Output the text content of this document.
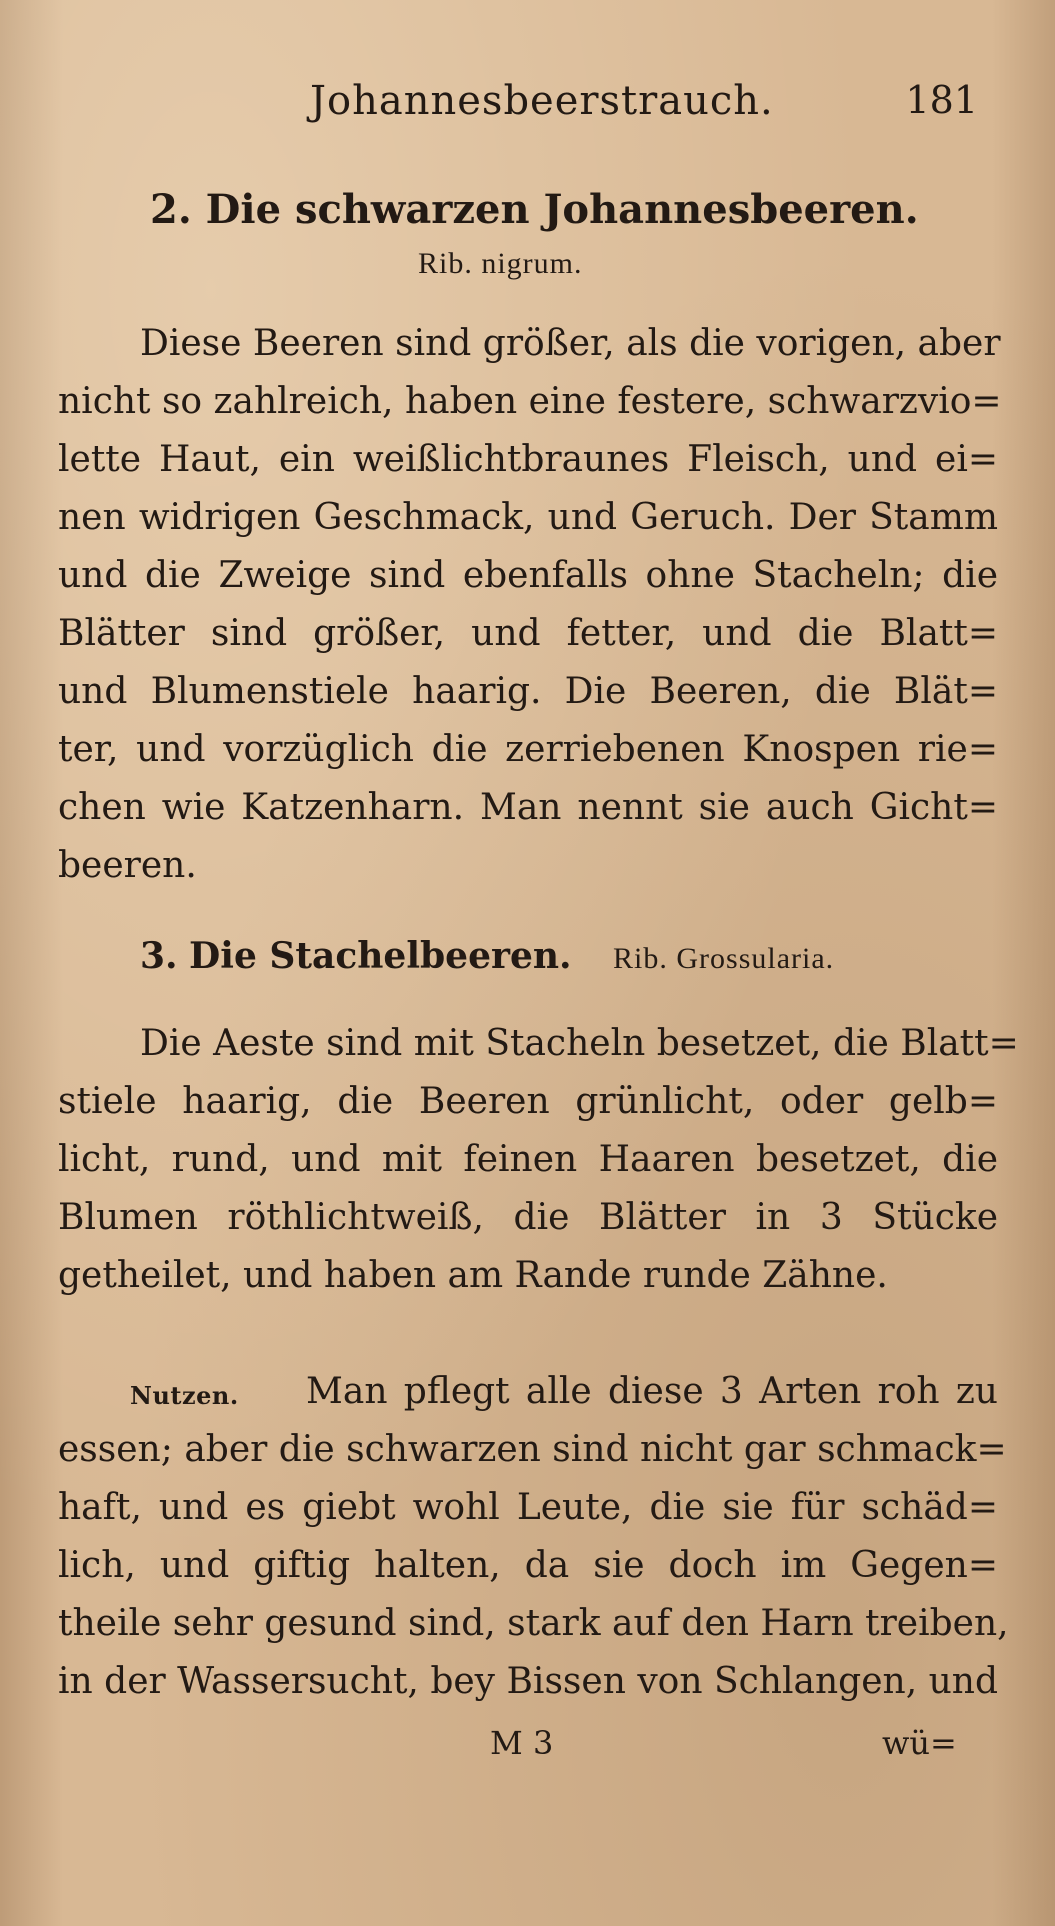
Johannesbeerstrauch.	181
2. Die schwarzen Johannesbeeren.
Rib. nigrum.
Diese Beeren sind größer, als die vorigen, aber
nicht so zahlreich, haben eine festere, schwarzvio=
lette Haut, ein weißlichtbraunes Fleisch, und ei=
nen widrigen Geschmack, und Geruch. Der Stamm
und die Zweige sind ebenfalls ohne Stacheln; die
Blätter sind größer, und fetter, und die Blatt=
und Blumenstiele haarig. Die Beeren, die Blät=
ter, und vorzüglich die zerriebenen Knospen rie=
chen wie Katzenharn. Man nennt sie auch Gicht=
beeren.
3. Die Stachelbeeren. Rib. Grossularia.
Die Aeste sind mit Stacheln besetzet, die Blatt=
stiele haarig, die Beeren grünlicht, oder gelb=
licht, rund, und mit feinen Haaren besetzet, die
Blumen röthlichtweiß, die Blätter in 3 Stücke
getheilet, und haben am Rande runde Zähne.
Nutzen. Man pflegt alle diese 3 Arten roh zu
essen; aber die schwarzen sind nicht gar schmack=
haft, und es giebt wohl Leute, die sie für schäd=
lich, und giftig halten, da sie doch im Gegen=
theile sehr gesund sind, stark auf den Harn treiben,
in der Wassersucht, bey Bissen von Schlangen, und
M 3	wü=
